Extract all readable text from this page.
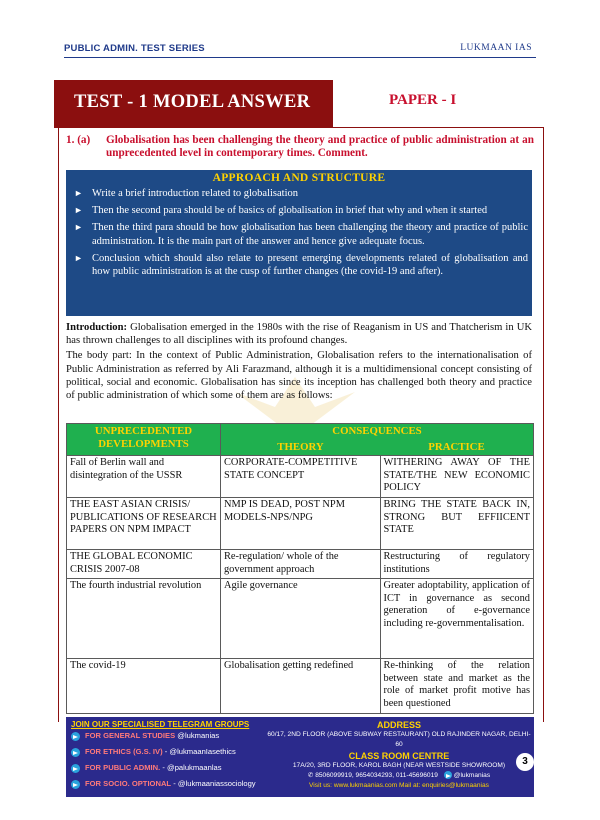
PUBLIC ADMIN. TEST SERIES	LUKMAAN IAS
TEST - 1 MODEL ANSWER	PAPER - I
1. (a) Globalisation has been challenging the theory and practice of public administration at an unprecedented level in contemporary times. Comment.
APPROACH AND STRUCTURE
► Write a brief introduction related to globalisation
► Then the second para should be of basics of globalisation in brief that why and when it started
► Then the third para should be how globalisation has been challenging the theory and practice of public administration. It is the main part of the answer and hence give adequate focus.
► Conclusion which should also relate to present emerging developments related of globalisation and how public administration is at the cusp of further changes (the covid-19 and after).

Introduction: Globalisation emerged in the 1980s with the rise of Reaganism in US and Thatcherism in UK has thrown challenges to all disciplines with its profound changes.

The body part: In the context of Public Administration, Globalisation refers to the internationalisation of Public Administration as referred by Ali Farazmand, although it is a multidimensional concept consisting of political, social and economic. Globalisation has since its inception has challenged both theory and practice of public administration of which some of them are as follows:

UNPRECEDENTED DEVELOPMENTS	CONSEQUENCES	
	THEORY	PRACTICE
Fall of Berlin wall and disintegration of the USSR	CORPORATE-COMPETITIVE STATE CONCEPT	WITHERING AWAY OF THE STATE/THE NEW ECONOMIC POLICY
THE EAST ASIAN CRISIS/ PUBLICATIONS OF RESEARCH PAPERS ON NPM IMPACT	NMP IS DEAD, POST NPM MODELS-NPS/NPG	BRING THE STATE BACK IN, STRONG BUT EFFIICENT STATE
THE GLOBAL ECONOMIC CRISIS 2007-08	Re-regulation/ whole of the government approach	Restructuring of regulatory institutions
The fourth industrial revolution	Agile governance	Greater adoptability, application of ICT in governance as second generation of e-governance including re-governmentalisation.
The covid-19	Globalisation getting redefined	Re-thinking of the relation between state and market as the role of market profit motive has been questioned
JOIN OUR SPECIALISED TELEGRAM GROUPS
FOR GENERAL STUDIES @lukmanias
FOR ETHICS (G.S. IV) - @lukmaanIasethics
FOR PUBLIC ADMIN. - @palukmaanlas
FOR SOCIO. OPTIONAL - @lukmaaniassociology
ADDRESS
60/17, 2ND FLOOR (ABOVE SUBWAY RESTAURANT) OLD RAJINDER NAGAR, DELHI-60
CLASS ROOM CENTRE
17A/20, 3RD FLOOR, KAROL BAGH (NEAR WESTSIDE SHOWROOM)
✆ 8506099919, 9654034293, 011-45696019 @lukmanias
Visit us: www.lukmaanias.com Mail at: enquiries@lukmaanias
3
